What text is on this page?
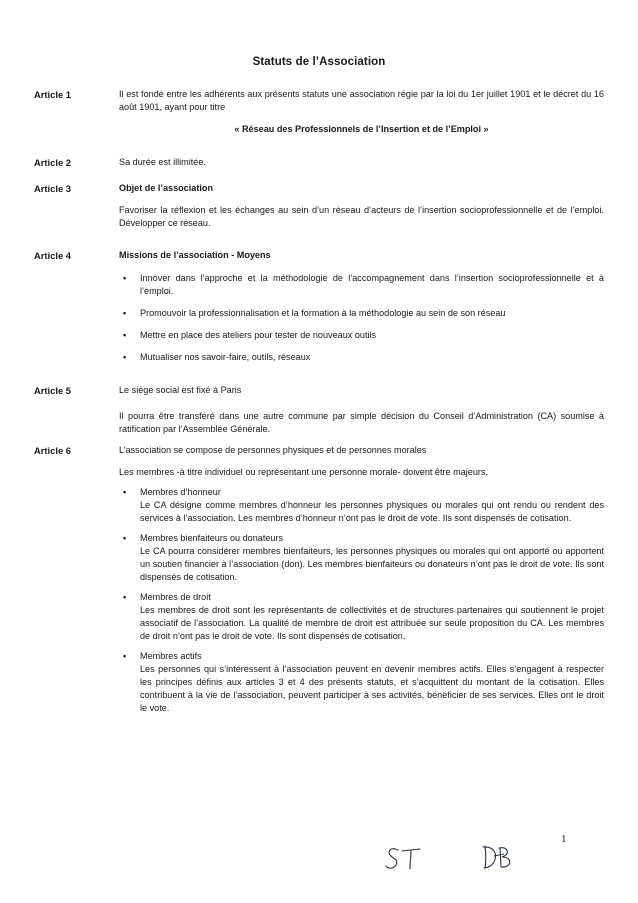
Statuts de l’Association
Article 1	Il est fondé entre les adhérents aux présents statuts une association régie par la loi du 1er juillet 1901 et le décret du 16 août 1901, ayant pour titre

« Réseau des Professionnels de l’Insertion et de l’Emploi »

Article 2	Sa durée est illimitée.

Article 3	Objet de l’association

Favoriser la réflexion et les échanges au sein d’un réseau d’acteurs de l’insertion socioprofessionnelle et de l’emploi. Développer ce réseau.

Article 4	Missions de l’association - Moyens

• Innover dans l’approche et la méthodologie de l’accompagnement dans l’insertion socioprofessionnelle et à l’emploi.
• Promouvoir la professionnalisation et la formation à la méthodologie au sein de son réseau
• Mettre en place des ateliers pour tester de nouveaux outils
• Mutualiser nos savoir-faire, outils, réseaux
Article 5	Le siège social est fixé à Paris

Il pourra être transféré dans une autre commune par simple décision du Conseil d’Administration (CA) soumise à ratification par l’Assemblée Générale.

Article 6	L’association se compose de personnes physiques et de personnes morales

Les membres -à titre individuel ou représentant une personne morale- doivent être majeurs.

• Membres d’honneur
Le CA désigne comme membres d’honneur les personnes physiques ou morales qui ont rendu ou rendent des services à l’association. Les membres d’honneur n’ont pas le droit de vote. Ils sont dispensés de cotisation.
• Membres bienfaiteurs ou donateurs
Le CA pourra considérer membres bienfaiteurs, les personnes physiques ou morales qui ont apporté ou apportent un soutien financier à l’association (don). Les membres bienfaiteurs ou donateurs n’ont pas le droit de vote. Ils sont dispensés de cotisation.
• Membres de droit
Les membres de droit sont les représentants de collectivités et de structures partenaires qui soutiennent le projet associatif de l’association. La qualité de membre de droit est attribuée sur seule proposition du CA. Les membres de droit n’ont pas le droit de vote. Ils sont dispensés de cotisation.
• Membres actifs
Les personnes qui s’intéressent à l’association peuvent en devenir membres actifs. Elles s’engagent à respecter les principes définis aux articles 3 et 4 des présents statuts, et s’acquittent du montant de la cotisation. Elles contribuent à la vie de l’association, peuvent participer à ses activités, bénéficier de ses services. Elles ont le droit le vote.
1
